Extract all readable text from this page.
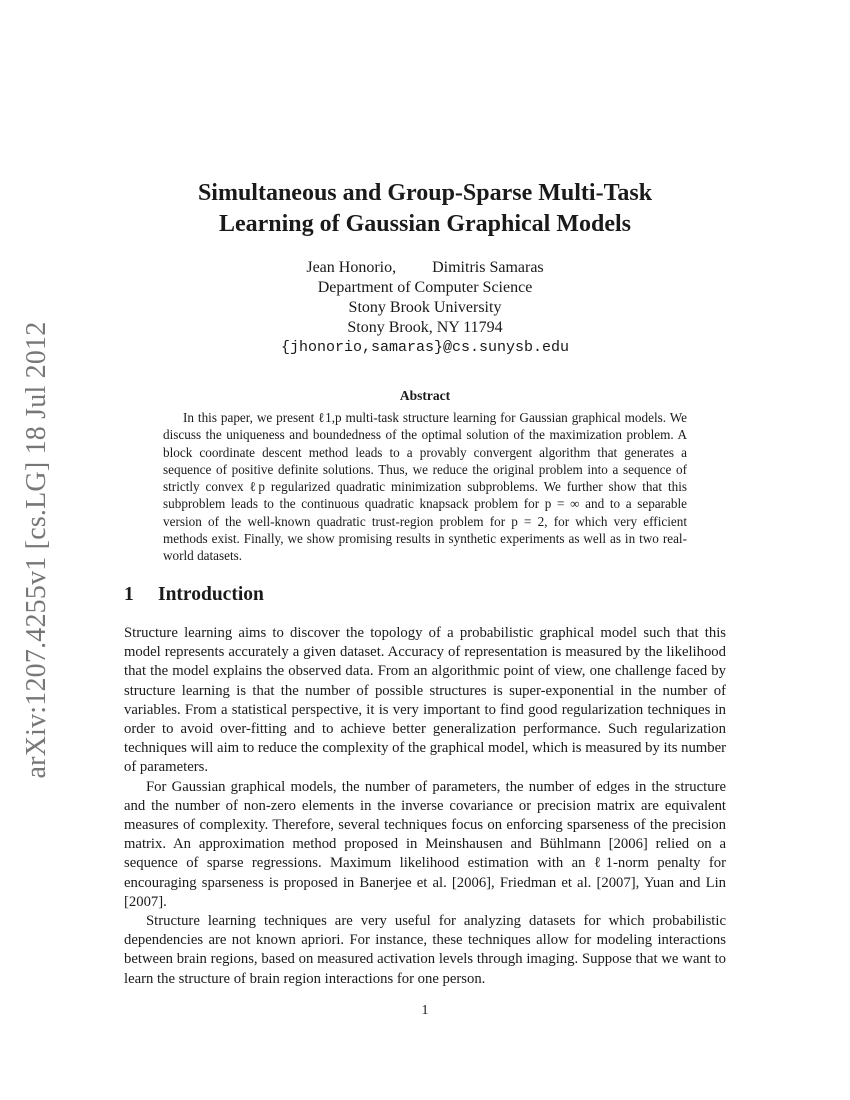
arXiv:1207.4255v1 [cs.LG] 18 Jul 2012
Simultaneous and Group-Sparse Multi-Task
Learning of Gaussian Graphical Models
Jean Honorio, Dimitris Samaras
Department of Computer Science
Stony Brook University
Stony Brook, NY 11794
{jhonorio,samaras}@cs.sunysb.edu
Abstract

In this paper, we present ℓ1,p multi-task structure learning for Gaussian graphical models. We discuss the uniqueness and boundedness of the optimal solution of the maximization problem. A block coordinate descent method leads to a provably convergent algorithm that generates a sequence of positive definite solutions. Thus, we reduce the original problem into a sequence of strictly convex ℓp regularized quadratic minimization subproblems. We further show that this subproblem leads to the continuous quadratic knapsack problem for p = ∞ and to a separable version of the well-known quadratic trust-region problem for p = 2, for which very efficient methods exist. Finally, we show promising results in synthetic experiments as well as in two real-world datasets.

1 Introduction

Structure learning aims to discover the topology of a probabilistic graphical model such that this model represents accurately a given dataset. Accuracy of representation is measured by the likelihood that the model explains the observed data. From an algorithmic point of view, one challenge faced by structure learning is that the number of possible structures is super-exponential in the number of variables. From a statistical perspective, it is very important to find good regularization techniques in order to avoid over-fitting and to achieve better generalization performance. Such regularization techniques will aim to reduce the complexity of the graphical model, which is measured by its number of parameters.

For Gaussian graphical models, the number of parameters, the number of edges in the structure and the number of non-zero elements in the inverse covariance or precision matrix are equivalent measures of complexity. Therefore, several techniques focus on enforcing sparseness of the precision matrix. An approximation method proposed in Meinshausen and Bühlmann [2006] relied on a sequence of sparse regressions. Maximum likelihood estimation with an ℓ1-norm penalty for encouraging sparseness is proposed in Banerjee et al. [2006], Friedman et al. [2007], Yuan and Lin [2007].

Structure learning techniques are very useful for analyzing datasets for which probabilistic dependencies are not known apriori. For instance, these techniques allow for modeling interactions between brain regions, based on measured activation levels through imaging. Suppose that we want to learn the structure of brain region interactions for one person.

1
